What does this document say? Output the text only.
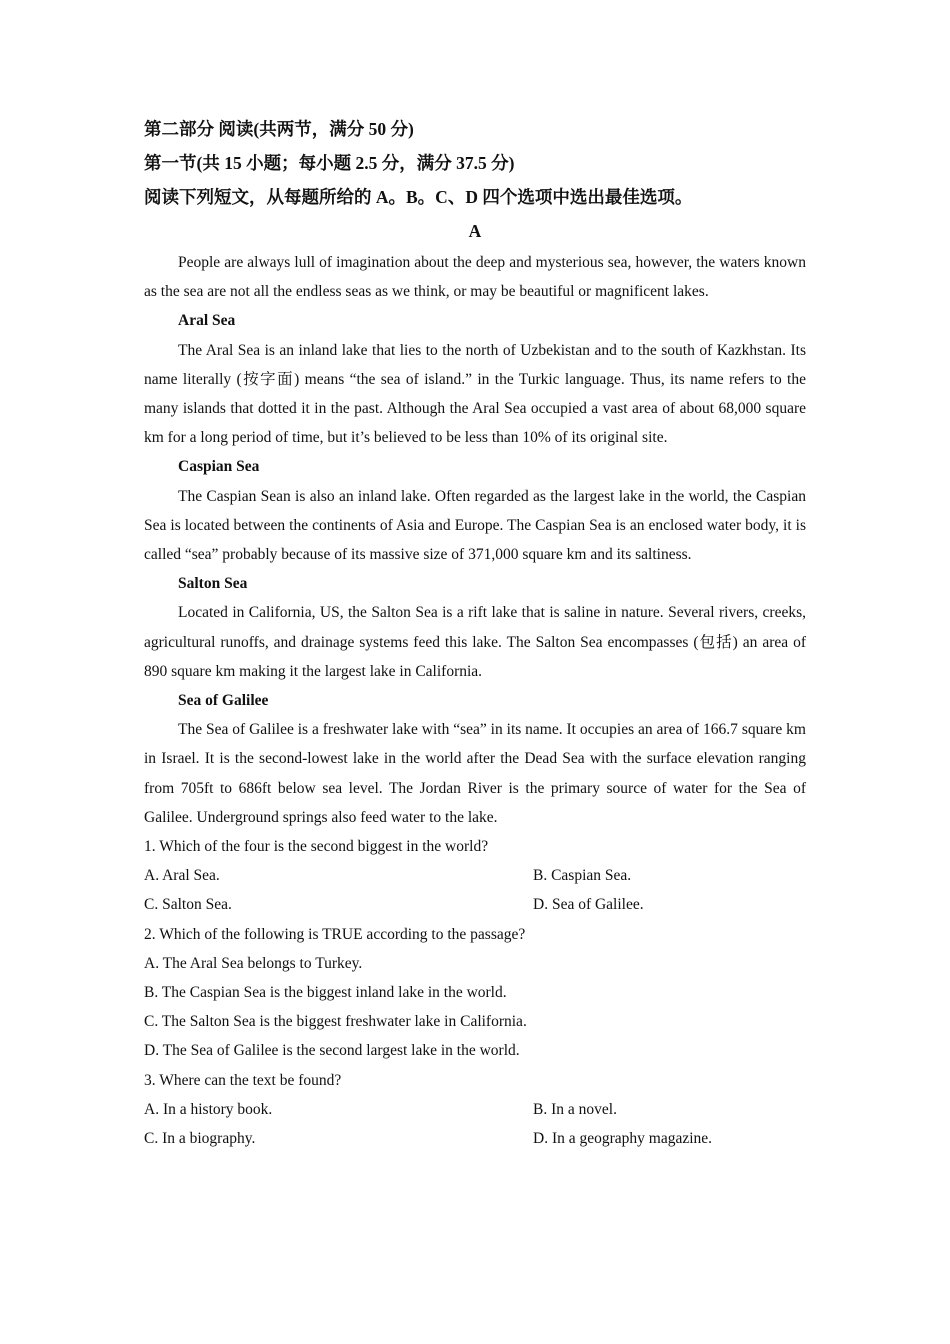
第二部分 阅读(共两节，满分 50 分)

第一节(共 15 小题；每小题 2.5 分，满分 37.5 分)

阅读下列短文，从每题所给的 A。B。C、D 四个选项中选出最佳选项。

A

People are always lull of imagination about the deep and mysterious sea, however, the waters known as the sea are not all the endless seas as we think, or may be beautiful or magnificent lakes.

Aral Sea

The Aral Sea is an inland lake that lies to the north of Uzbekistan and to the south of Kazkhstan. Its name literally (按字面) means “the sea of island.” in the Turkic language. Thus, its name refers to the many islands that dotted it in the past. Although the Aral Sea occupied a vast area of about 68,000 square km for a long period of time, but it’s believed to be less than 10% of its original site.

Caspian Sea

The Caspian Sean is also an inland lake. Often regarded as the largest lake in the world, the Caspian Sea is located between the continents of Asia and Europe. The Caspian Sea is an enclosed water body, it is called “sea” probably because of its massive size of 371,000 square km and its saltiness.

Salton Sea

Located in California, US, the Salton Sea is a rift lake that is saline in nature. Several rivers, creeks, agricultural runoffs, and drainage systems feed this lake. The Salton Sea encompasses (包括) an area of 890 square km making it the largest lake in California.

Sea of Galilee

The Sea of Galilee is a freshwater lake with “sea” in its name. It occupies an area of 166.7 square km in Israel. It is the second-lowest lake in the world after the Dead Sea with the surface elevation ranging from 705ft to 686ft below sea level. The Jordan River is the primary source of water for the Sea of Galilee. Underground springs also feed water to the lake.

1. Which of the four is the second biggest in the world?

A. Aral Sea.	B. Caspian Sea.
C. Salton Sea.	D. Sea of Galilee.

2. Which of the following is TRUE according to the passage?

A. The Aral Sea belongs to Turkey.

B. The Caspian Sea is the biggest inland lake in the world.

C. The Salton Sea is the biggest freshwater lake in California.

D. The Sea of Galilee is the second largest lake in the world.

3. Where can the text be found?

A. In a history book.	B. In a novel.
C. In a biography.	D. In a geography magazine.
